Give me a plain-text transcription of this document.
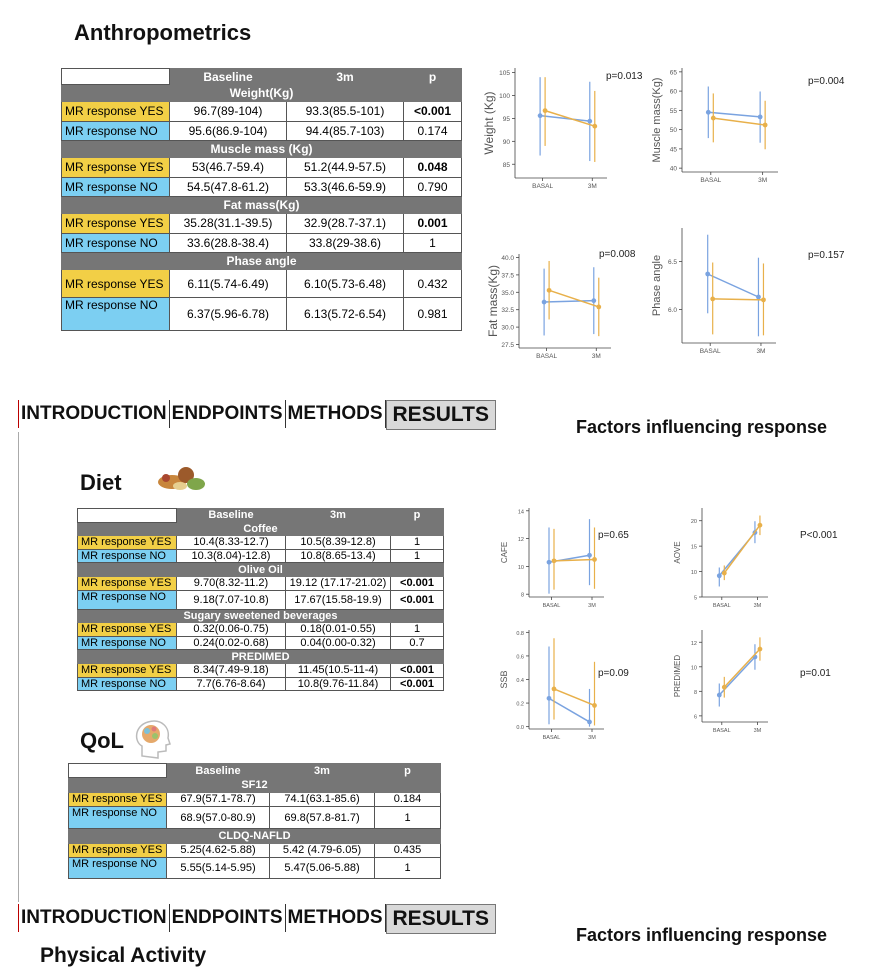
Anthropometrics
Diet
QoL
Physical Activity
	Baseline	3m	p
Weight(Kg)			
MR response YES	96.7(89-104)	93.3(85.5-101)	<0.001
MR response NO	95.6(86.9-104)	94.4(85.7-103)	0.174
Muscle mass (Kg)			
MR response YES	53(46.7-59.4)	51.2(44.9-57.5)	0.048
MR response NO	54.5(47.8-61.2)	53.3(46.6-59.9)	0.790
Fat mass(Kg)			
MR response YES	35.28(31.1-39.5)	32.9(28.7-37.1)	0.001
MR response NO	33.6(28.8-38.4)	33.8(29-38.6)	1
Phase angle			
MR response YES	6.11(5.74-6.49)	6.10(5.73-6.48)	0.432
MR response NO	6.37(5.96-6.78)	6.13(5.72-6.54)	0.981
	Baseline	3m	p
Coffee			
MR response YES	10.4(8.33-12.7)	10.5(8.39-12.8)	1
MR response NO	10.3(8.04)-12.8)	10.8(8.65-13.4)	1
Olive Oil			
MR response YES	9.70(8.32-11.2)	19.12 (17.17-21.02)	<0.001
MR response NO	9.18(7.07-10.8)	17.67(15.58-19.9)	<0.001
Sugary sweetened beverages			
MR response YES	0.32(0.06-0.75)	0.18(0.01-0.55)	1
MR response NO	0.24(0.02-0.68)	0.04(0.00-0.32)	0.7
PREDIMED			
MR response YES	8.34(7.49-9.18)	11.45(10.5-11-4)	<0.001
MR response NO	7.7(6.76-8.64)	10.8(9.76-11.84)	<0.001
	Baseline	3m	p
SF12			
MR response YES	67.9(57.1-78.7)	74.1(63.1-85.6)	0.184
MR response NO	68.9(57.0-80.9)	69.8(57.8-81.7)	1
CLDQ-NAFLD			
MR response YES	5.25(4.62-5.88)	5.42 (4.79-6.05)	0.435
MR response NO	5.55(5.14-5.95)	5.47(5.06-5.88)	1
INTRODUCTION ENDPOINTS METHODS RESULTS
Factors influencing response
INTRODUCTION ENDPOINTS METHODS RESULTS
Factors influencing response
85
90
95
100
105
BASAL	3M
Weight (Kg)
p=0.013
40
45
50
55
60
65
BASAL	3M
Muscle mass(Kg)	p=0.004
27.5
30.0
32.5
35.0
37.5
40.0
BASAL	3M
Fat mass(Kg)
p=0.008
6.0
6.5
BASAL	3M
Phase angle	p=0.157
8
10
12
14
BASAL	3M
CAFE
p=0.65
5
10
15
20
BASAL	3M
AOVE
P<0.001
0.0
0.2
0.4
0.6
0.8
BASAL	3M
SSB	p=0.09
6
8
10
12
BASAL	3M
PREDIMED	p=0.01
